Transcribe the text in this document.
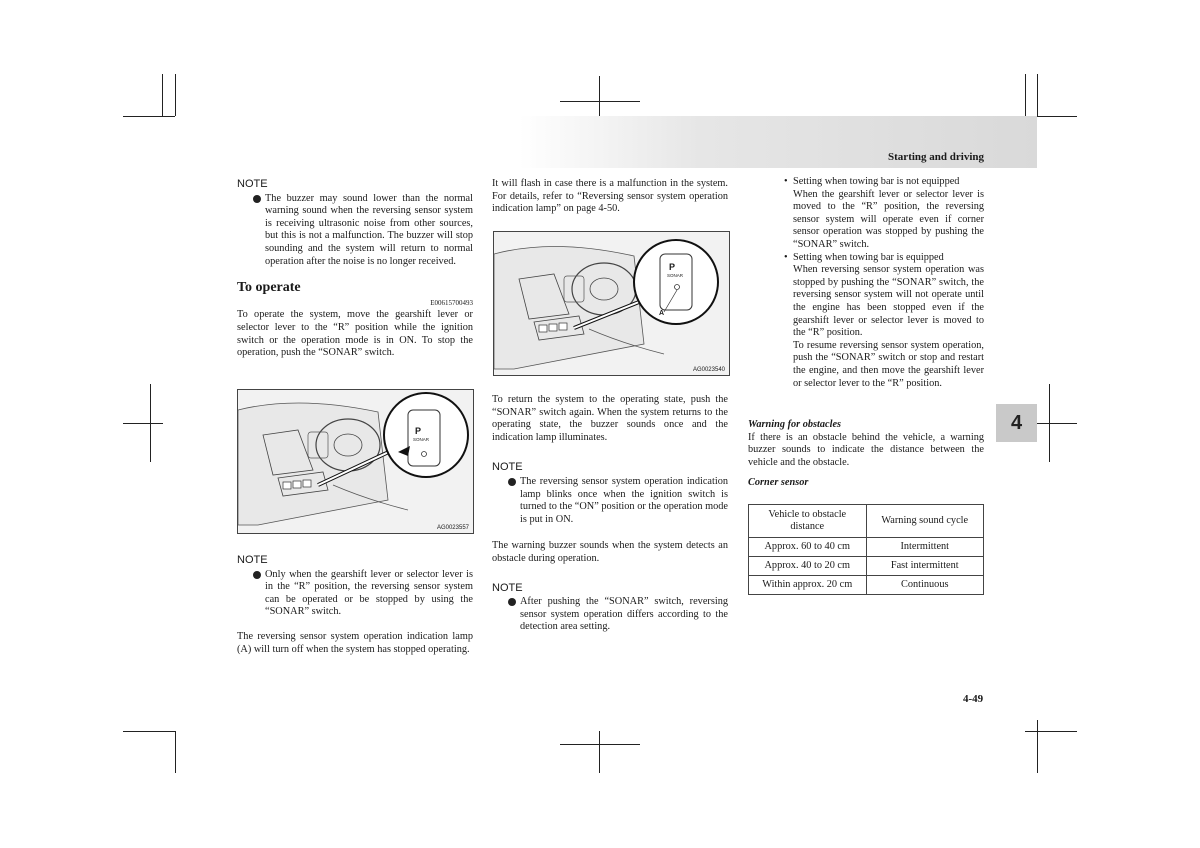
Starting and driving
4

NOTE

The buzzer may sound lower than the normal warning sound when the reversing sensor system is receiving ultrasonic noise from other sources, but this is not a malfunction. The buzzer will stop sounding and the system will return to normal operation after the noise is no longer received.

To operate

E00615700493

To operate the system, move the gearshift lever or selector lever to the “R” position while the ignition switch or the operation mode is in ON. To stop the operation, push the “SONAR” switch.

P
SONAR
AG0023557

NOTE

Only when the gearshift lever or selector lever is in the “R” position, the reversing sensor system can be operated or be stopped by using the “SONAR” switch.

The reversing sensor system operation indication lamp (A) will turn off when the system has stopped operating.

It will flash in case there is a malfunction in the system. For details, refer to “Reversing sensor system operation indication lamp” on page 4-50.

P
SONAR
A
AG0023540

To return the system to the operating state, push the “SONAR” switch again. When the system returns to the operating state, the buzzer sounds once and the indication lamp illuminates.

NOTE

The reversing sensor system operation indication lamp blinks once when the ignition switch is turned to the “ON” position or the operation mode is put in ON.

The warning buzzer sounds when the system detects an obstacle during operation.

NOTE

After pushing the “SONAR” switch, reversing sensor system operation differs according to the detection area setting.
• Setting when towing bar is not equipped

When the gearshift lever or selector lever is moved to the “R” position, the reversing sensor system will operate even if corner sensor operation was stopped by pushing the “SONAR” switch.

• Setting when towing bar is equipped

When reversing sensor system operation was stopped by pushing the “SONAR” switch, the reversing sensor system will not operate until the engine has been stopped even if the gearshift lever or selector lever is moved to the “R” position.

To resume reversing sensor system operation, push the “SONAR” switch or stop and restart the engine, and then move the gearshift lever or selector lever to the “R” position.

Warning for obstacles

If there is an obstacle behind the vehicle, a warning buzzer sounds to indicate the distance between the vehicle and the obstacle.

Corner sensor

Vehicle to obstacle distance	Warning sound cycle
Approx. 60 to 40 cm	Intermittent
Approx. 40 to 20 cm	Fast intermittent
Within approx. 20 cm	Continuous
4-49
